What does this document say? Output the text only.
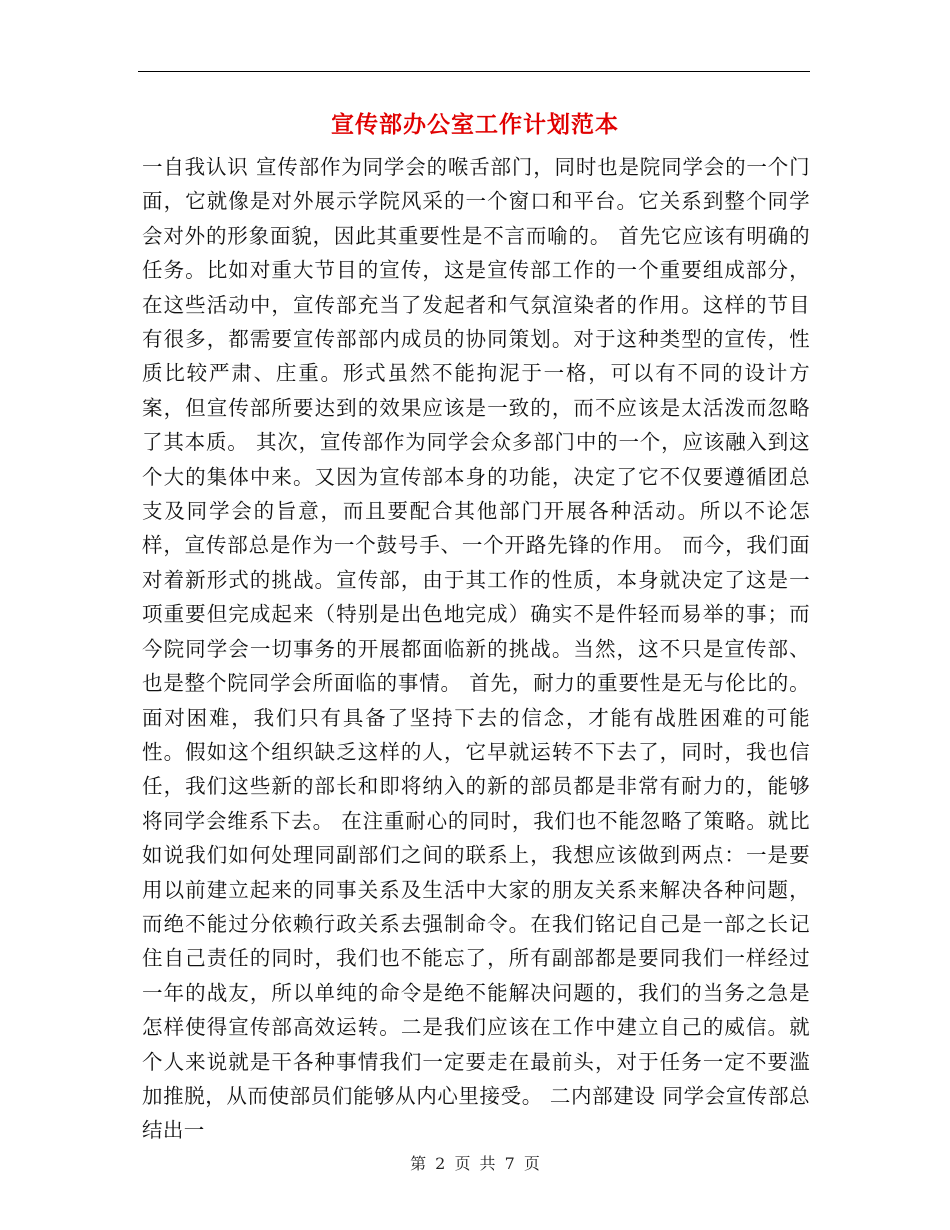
宣传部办公室工作计划范本

一自我认识 宣传部作为同学会的喉舌部门，同时也是院同学会的一个门面，它就像是对外展示学院风采的一个窗口和平台。它关系到整个同学会对外的形象面貌，因此其重要性是不言而喻的。 首先它应该有明确的任务。比如对重大节目的宣传，这是宣传部工作的一个重要组成部分，在这些活动中，宣传部充当了发起者和气氛渲染者的作用。这样的节目有很多，都需要宣传部部内成员的协同策划。对于这种类型的宣传，性质比较严肃、庄重。形式虽然不能拘泥于一格，可以有不同的设计方案，但宣传部所要达到的效果应该是一致的，而不应该是太活泼而忽略了其本质。 其次，宣传部作为同学会众多部门中的一个，应该融入到这个大的集体中来。又因为宣传部本身的功能，决定了它不仅要遵循团总支及同学会的旨意，而且要配合其他部门开展各种活动。所以不论怎样，宣传部总是作为一个鼓号手、一个开路先锋的作用。 而今，我们面对着新形式的挑战。宣传部，由于其工作的性质，本身就决定了这是一项重要但完成起来（特别是出色地完成）确实不是件轻而易举的事；而今院同学会一切事务的开展都面临新的挑战。当然，这不只是宣传部、也是整个院同学会所面临的事情。 首先，耐力的重要性是无与伦比的。面对困难，我们只有具备了坚持下去的信念，才能有战胜困难的可能性。假如这个组织缺乏这样的人，它早就运转不下去了，同时，我也信任，我们这些新的部长和即将纳入的新的部员都是非常有耐力的，能够将同学会维系下去。 在注重耐心的同时，我们也不能忽略了策略。就比如说我们如何处理同副部们之间的联系上，我想应该做到两点：一是要用以前建立起来的同事关系及生活中大家的朋友关系来解决各种问题，而绝不能过分依赖行政关系去强制命令。在我们铭记自己是一部之长记住自己责任的同时，我们也不能忘了，所有副部都是要同我们一样经过一年的战友，所以单纯的命令是绝不能解决问题的，我们的当务之急是怎样使得宣传部高效运转。二是我们应该在工作中建立自己的威信。就个人来说就是干各种事情我们一定要走在最前头，对于任务一定不要滥加推脱，从而使部员们能够从内心里接受。 二内部建设 同学会宣传部总结出一

第 2 页 共 7 页
